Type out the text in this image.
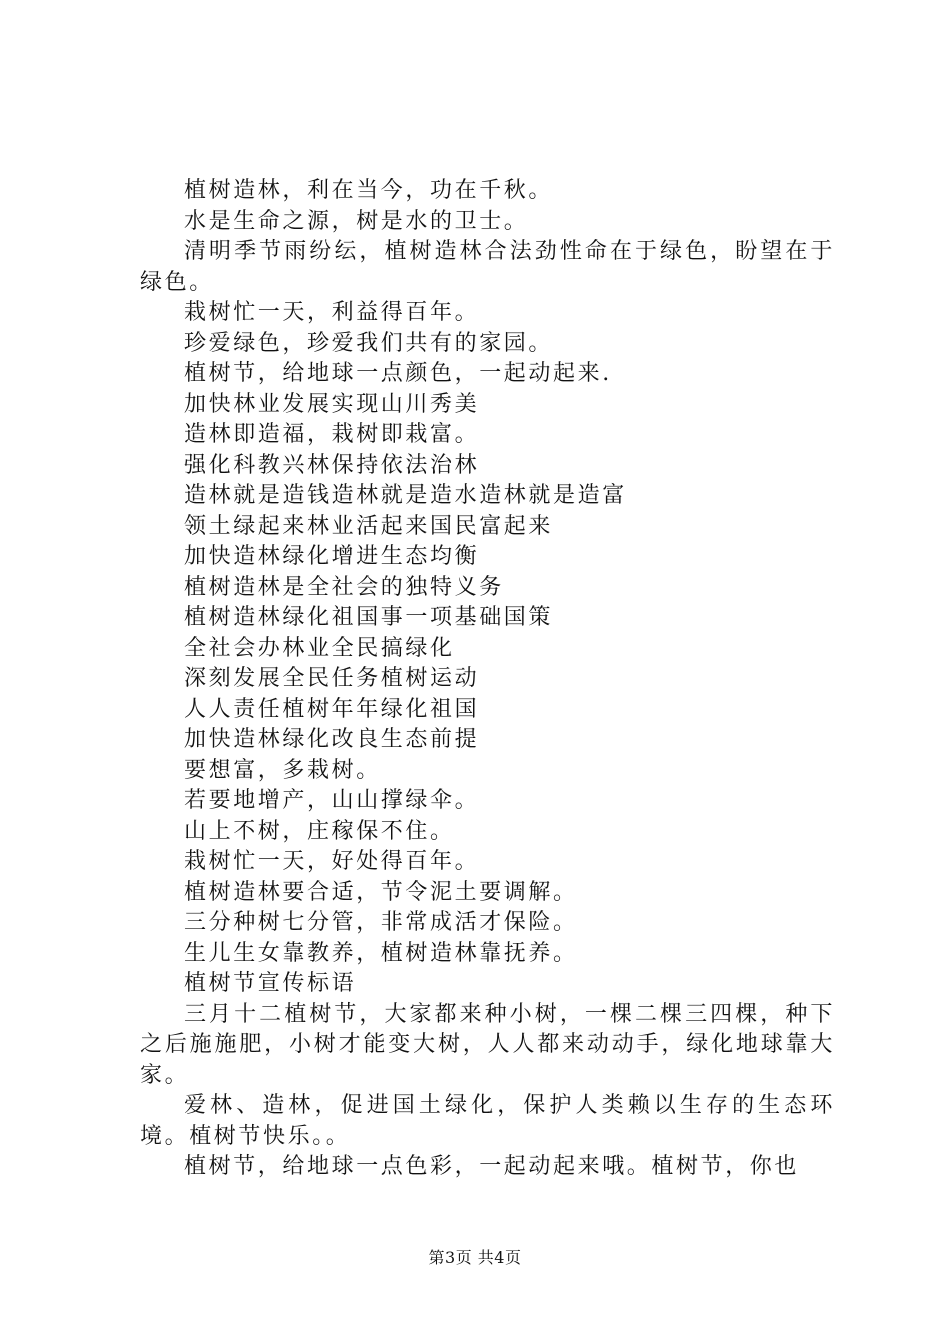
植树造林，利在当今，功在千秋。

水是生命之源，树是水的卫士。

清明季节雨纷纭，植树造林合法劲性命在于绿色，盼望在于绿色。

栽树忙一天，利益得百年。

珍爱绿色，珍爱我们共有的家园。

植树节，给地球一点颜色，一起动起来.

加快林业发展实现山川秀美

造林即造福，栽树即栽富。

强化科教兴林保持依法治林

造林就是造钱造林就是造水造林就是造富

领土绿起来林业活起来国民富起来

加快造林绿化增进生态均衡

植树造林是全社会的独特义务

植树造林绿化祖国事一项基础国策

全社会办林业全民搞绿化

深刻发展全民任务植树运动

人人责任植树年年绿化祖国

加快造林绿化改良生态前提

要想富，多栽树。

若要地增产，山山撑绿伞。

山上不树，庄稼保不住。

栽树忙一天，好处得百年。

植树造林要合适，节令泥土要调解。

三分种树七分管，非常成活才保险。

生儿生女靠教养，植树造林靠抚养。

植树节宣传标语

三月十二植树节，大家都来种小树，一棵二棵三四棵，种下之后施施肥，小树才能变大树，人人都来动动手，绿化地球靠大家。

爱林、造林，促进国土绿化，保护人类赖以生存的生态环境。植树节快乐。。

植树节，给地球一点色彩，一起动起来哦。植树节，你也

第3页 共4页
